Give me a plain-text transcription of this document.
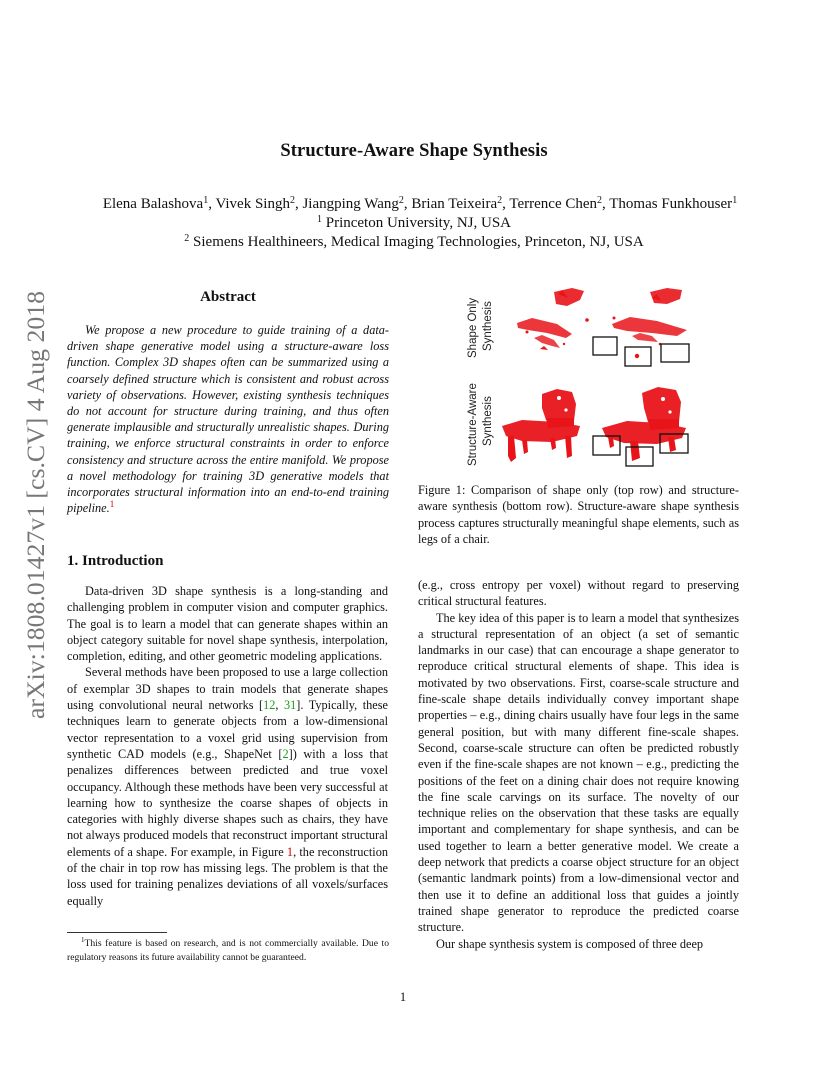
arXiv:1808.01427v1 [cs.CV] 4 Aug 2018
Structure-Aware Shape Synthesis
Elena Balashova$^1$, Vivek Singh$^2$, Jiangping Wang$^2$, Brian Teixeira$^2$, Terrence Chen$^2$, Thomas Funkhouser$^1$
$^1$ Princeton University, NJ, USA
$^2$ Siemens Healthineers, Medical Imaging Technologies, Princeton, NJ, USA
Abstract
We propose a new procedure to guide training of a data-driven shape generative model using a structure-aware loss function. Complex 3D shapes often can be summarized using a coarsely defined structure which is consistent and robust across variety of observations. However, existing synthesis techniques do not account for structure during training, and thus often generate implausible and structurally unrealistic shapes. During training, we enforce structural constraints in order to enforce consistency and structure across the entire manifold. We propose a novel methodology for training 3D generative models that incorporates structural information into an end-to-end training pipeline.$^1$
1. Introduction

Data-driven 3D shape synthesis is a long-standing and challenging problem in computer vision and computer graphics. The goal is to learn a model that can generate shapes within an object category suitable for novel shape synthesis, interpolation, completion, editing, and other geometric modeling applications.

Several methods have been proposed to use a large collection of exemplar 3D shapes to train models that generate shapes using convolutional neural networks [12, 31]. Typically, these techniques learn to generate objects from a low-dimensional vector representation to a voxel grid using supervision from synthetic CAD models (e.g., ShapeNet [2]) with a loss that penalizes differences between predicted and true voxel occupancy. Although these methods have been very successful at learning how to synthesize the coarse shapes of objects in categories with highly diverse shapes such as chairs, they have not always produced models that reconstruct important structural elements of a shape. For example, in Figure 1, the reconstruction of the chair in top row has missing legs. The problem is that the loss used for training penalizes deviations of all voxels/surfaces equally

$^1$This feature is based on research, and is not commercially available. Due to regulatory reasons its future availability cannot be guaranteed.
Shape Only Synthesis
Structure-Aware Synthesis
Figure 1: Comparison of shape only (top row) and structure-aware synthesis (bottom row). Structure-aware shape synthesis process captures structurally meaningful shape elements, such as legs of a chair.

(e.g., cross entropy per voxel) without regard to preserving critical structural features.

The key idea of this paper is to learn a model that synthesizes a structural representation of an object (a set of semantic landmarks in our case) that can encourage a shape generator to reproduce critical structural elements of shape. This idea is motivated by two observations. First, coarse-scale structure and fine-scale shape details individually convey important shape properties – e.g., dining chairs usually have four legs in the same general position, but with many different fine-scale shapes. Second, coarse-scale structure can often be predicted robustly even if the fine-scale shapes are not known – e.g., predicting the positions of the feet on a dining chair does not require knowing the fine scale carvings on its surface. The novelty of our technique relies on the observation that these tasks are equally important and complementary for shape synthesis, and can be used together to learn a better generative model. We create a deep network that predicts a coarse object structure for an object (semantic landmark points) from a low-dimensional vector and then use it to define an additional loss that guides a jointly trained shape generator to reproduce the predicted coarse structure.

Our shape synthesis system is composed of three deep

1
